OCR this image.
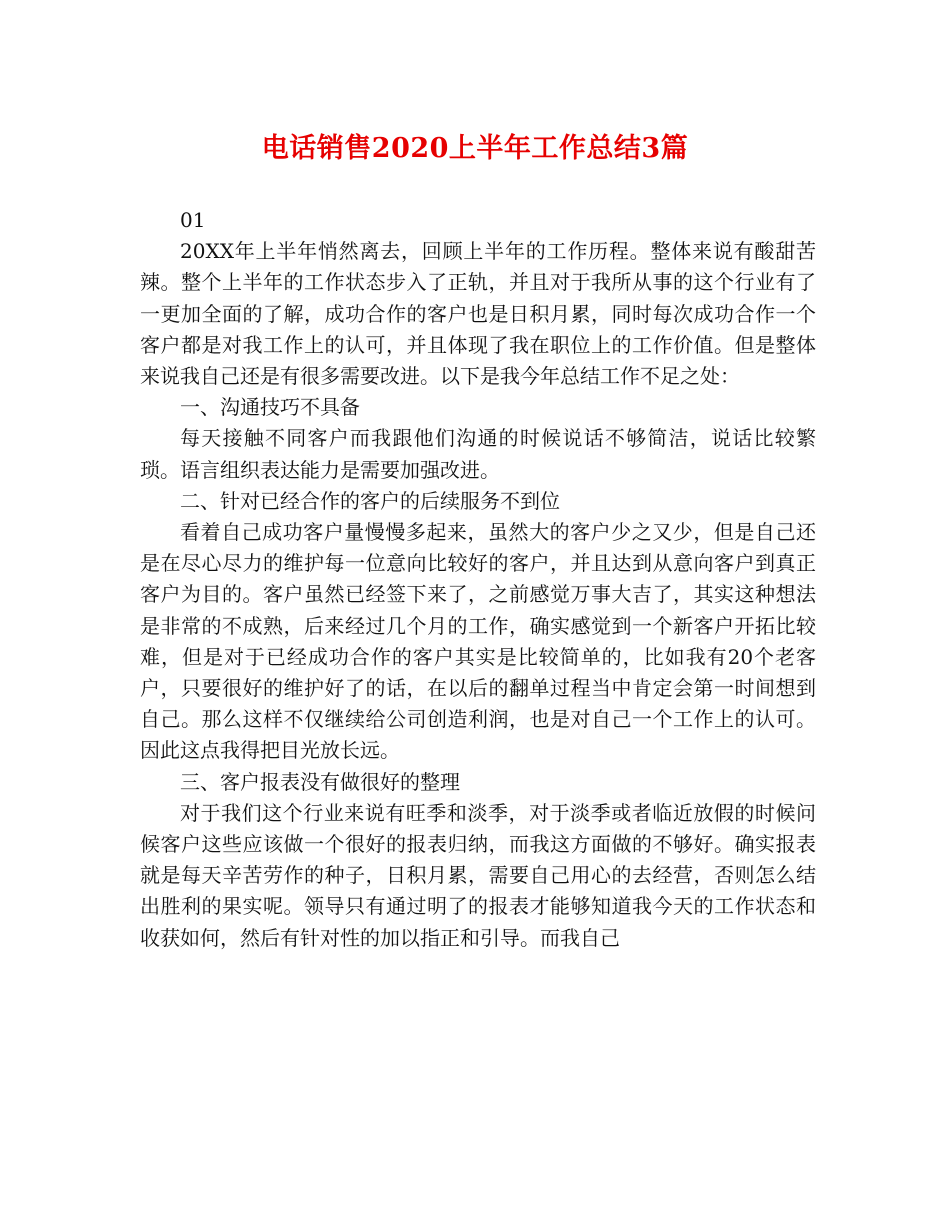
电话销售2020上半年工作总结3篇

01

20XX年上半年悄然离去，回顾上半年的工作历程。整体来说有酸甜苦辣。整个上半年的工作状态步入了正轨，并且对于我所从事的这个行业有了一更加全面的了解，成功合作的客户也是日积月累，同时每次成功合作一个客户都是对我工作上的认可，并且体现了我在职位上的工作价值。但是整体来说我自己还是有很多需要改进。以下是我今年总结工作不足之处：

一、沟通技巧不具备

每天接触不同客户而我跟他们沟通的时候说话不够简洁，说话比较繁琐。语言组织表达能力是需要加强改进。

二、针对已经合作的客户的后续服务不到位

看着自己成功客户量慢慢多起来，虽然大的客户少之又少，但是自己还是在尽心尽力的维护每一位意向比较好的客户，并且达到从意向客户到真正客户为目的。客户虽然已经签下来了，之前感觉万事大吉了，其实这种想法是非常的不成熟，后来经过几个月的工作，确实感觉到一个新客户开拓比较难，但是对于已经成功合作的客户其实是比较简单的，比如我有20个老客户，只要很好的维护好了的话，在以后的翻单过程当中肯定会第一时间想到自己。那么这样不仅继续给公司创造利润，也是对自己一个工作上的认可。因此这点我得把目光放长远。

三、客户报表没有做很好的整理

对于我们这个行业来说有旺季和淡季，对于淡季或者临近放假的时候问候客户这些应该做一个很好的报表归纳，而我这方面做的不够好。确实报表就是每天辛苦劳作的种子，日积月累，需要自己用心的去经营，否则怎么结出胜利的果实呢。领导只有通过明了的报表才能够知道我今天的工作状态和收获如何，然后有针对性的加以指正和引导。而我自己
